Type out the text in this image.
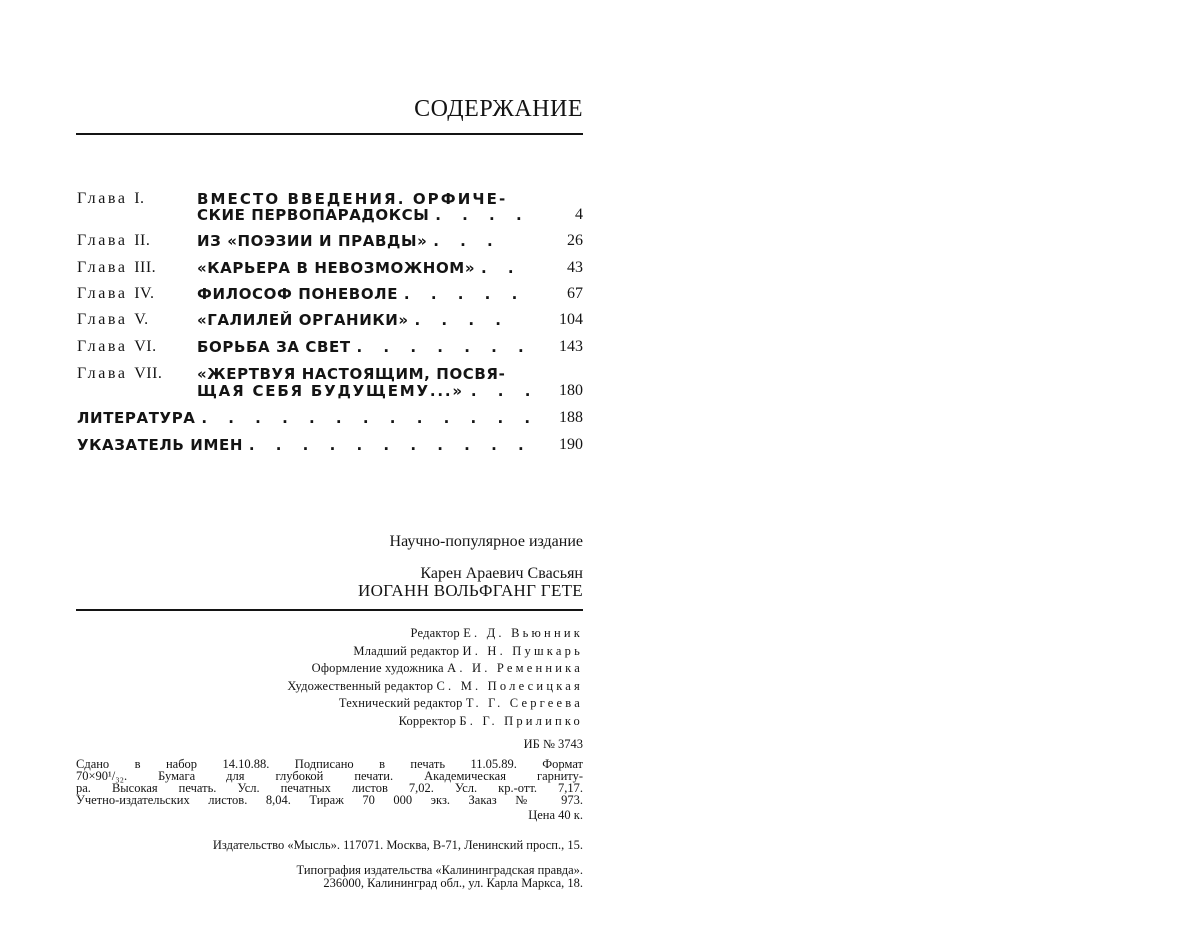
СОДЕРЖАНИЕ
Глава I.	ВМЕСТО ВВЕДЕНИЯ. ОРФИЧЕ-
СКИЕ ПЕРВОПАРАДОКСЫ . . . .	4
Глава II.	ИЗ «ПОЭЗИИ И ПРАВДЫ» . . .	26
Глава III.	«КАРЬЕРА В НЕВОЗМОЖНОМ» . .	43
Глава IV.	ФИЛОСОФ ПОНЕВОЛЕ . . . . .	67
Глава V.	«ГАЛИЛЕЙ ОРГАНИКИ» . . . .	104
Глава VI.	БОРЬБА ЗА СВЕТ . . . . . . . 143
Глава VII. «ЖЕРТВУЯ НАСТОЯЩИМ, ПОСВЯ-
ЩАЯ СЕБЯ БУДУЩЕМУ...» . . . 180
ЛИТЕРАТУРА . . . . . . . . . . . . . 188
УКАЗАТЕЛЬ ИМЕН . . . . . . . . . . . 190
Научно-популярное издание
Карен Араевич Свасьян
ИОГАНН ВОЛЬФГАНГ ГЕТЕ
Редактор Е. Д. Вьюнник
Младший редактор И. Н. Пушкарь
Оформление художника А. И. Ременника
Художественный редактор С. М. Полесицкая
Технический редактор Т. Г. Сергеева
Корректор Б. Г. Прилипко
ИБ № 3743
Сдано в набор 14.10.88. Подписано в печать 11.05.89. Формат
70×90¹/₃₂. Бумага для глубокой печати. Академическая гарниту-
ра. Высокая печать. Усл. печатных листов 7,02. Усл. кр.-отт. 7,17.
Учетно-издательских листов. 8,04. Тираж 70 000 экз. Заказ № 973.
Цена 40 к.
Издательство «Мысль». 117071. Москва, В-71, Ленинский просп., 15.
Типография издательства «Калининградская правда».
236000, Калининград обл., ул. Карла Маркса, 18.
